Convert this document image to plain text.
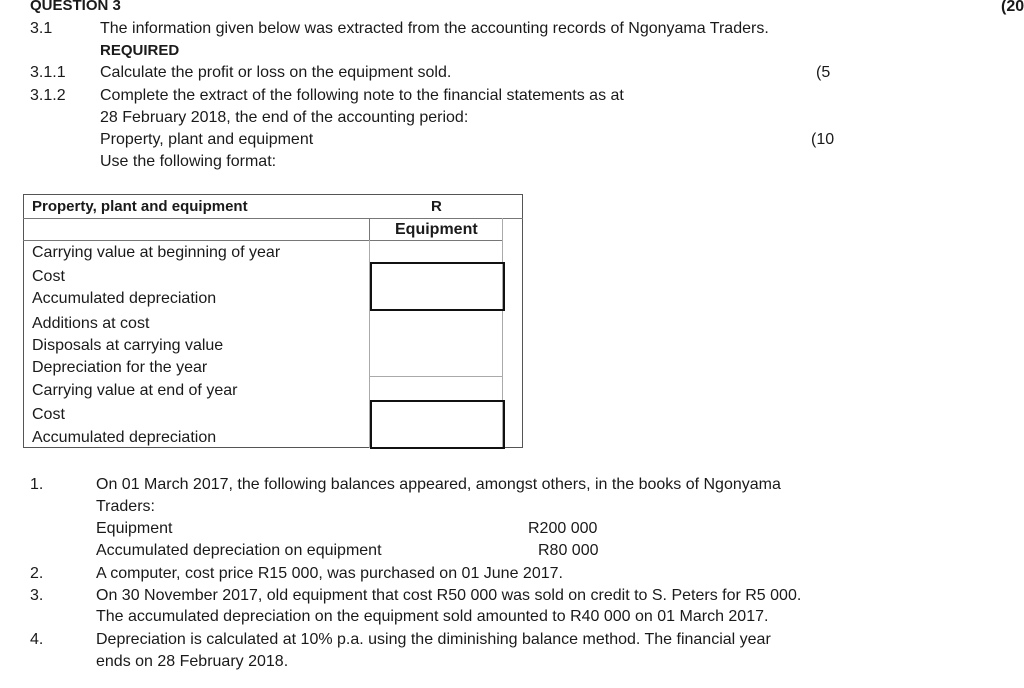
QUESTION 3	(20
3.1	The information given below was extracted from the accounting records of Ngonyama Traders.
REQUIRED
3.1.1 Calculate the profit or loss on the equipment sold.	(5
3.1.2 Complete the extract of the following note to the financial statements as at
28 February 2018, the end of the accounting period:
Property, plant and equipment	(10
Use the following format:
Property, plant and equipment	R
Equipment
Carrying value at beginning of year
Cost
Accumulated depreciation
Additions at cost
Disposals at carrying value
Depreciation for the year
Carrying value at end of year
Cost
Accumulated depreciation
1.	On 01 March 2017, the following balances appeared, amongst others, in the books of Ngonyama
Traders:
Equipment	R200 000
Accumulated depreciation on equipment	R80 000
2.	A computer, cost price R15 000, was purchased on 01 June 2017.
3.	On 30 November 2017, old equipment that cost R50 000 was sold on credit to S. Peters for R5 000.
The accumulated depreciation on the equipment sold amounted to R40 000 on 01 March 2017.
4.	Depreciation is calculated at 10% p.a. using the diminishing balance method. The financial year
ends on 28 February 2018.
